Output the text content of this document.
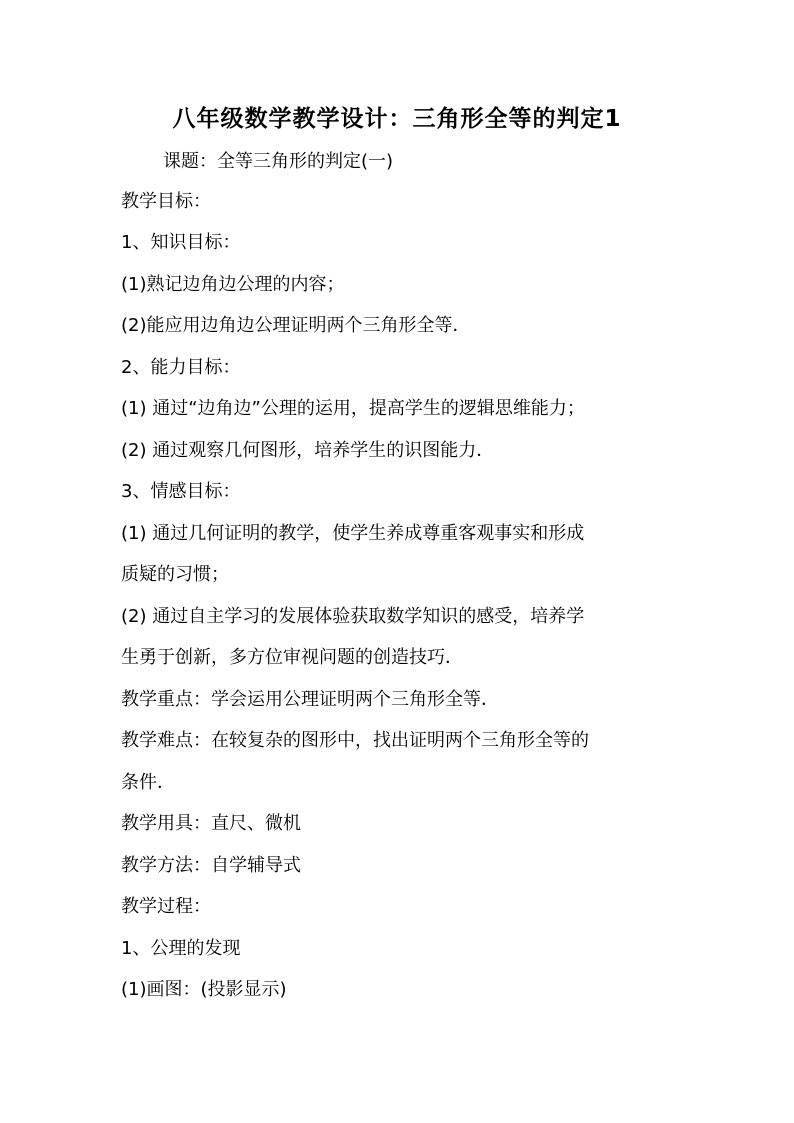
八年级数学教学设计：三角形全等的判定1
课题：全等三角形的判定(一)
教学目标：
1、知识目标：
(1)熟记边角边公理的内容；
(2)能应用边角边公理证明两个三角形全等．
2、能力目标：
(1) 通过“边角边”公理的运用，提高学生的逻辑思维能力；
(2) 通过观察几何图形，培养学生的识图能力．
3、情感目标：
(1) 通过几何证明的教学，使学生养成尊重客观事实和形成
质疑的习惯；
(2) 通过自主学习的发展体验获取数学知识的感受，培养学
生勇于创新，多方位审视问题的创造技巧．
教学重点：学会运用公理证明两个三角形全等．
教学难点：在较复杂的图形中，找出证明两个三角形全等的
条件．
教学用具：直尺、微机
教学方法：自学辅导式
教学过程：
1、公理的发现
(1)画图：(投影显示)
